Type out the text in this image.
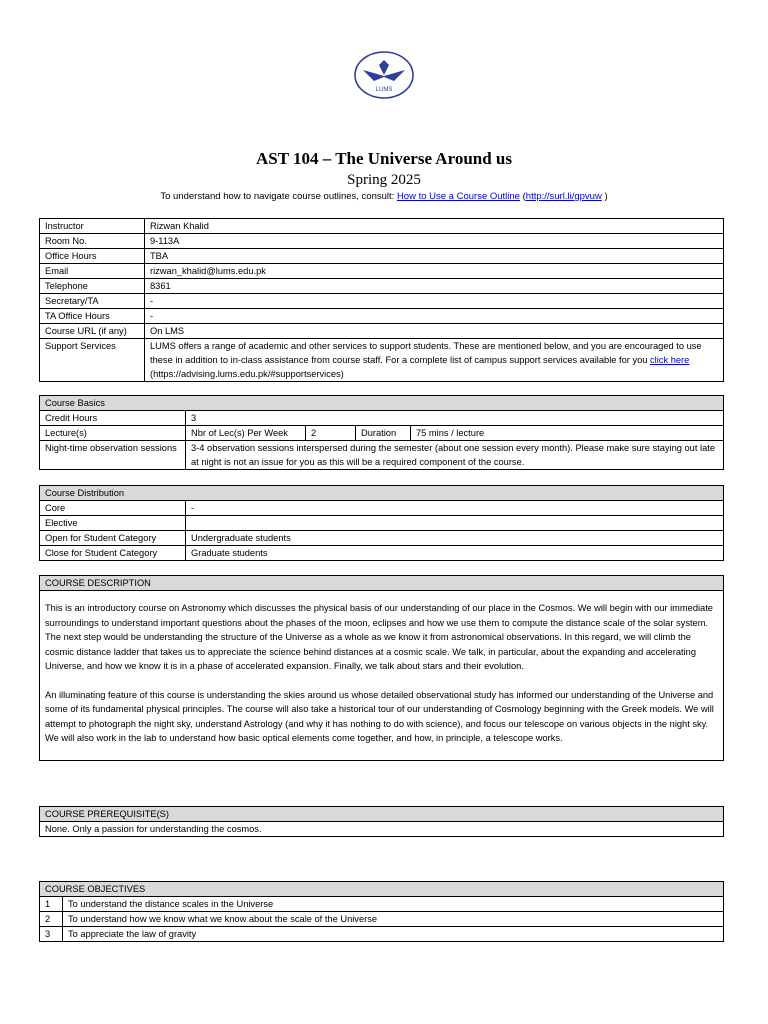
LUMS
AST 104 – The Universe Around us
Spring 2025
To understand how to navigate course outlines, consult: How to Use a Course Outline (http://surl.li/gpvuw )
Instructor	Rizwan Khalid
Room No.	9-113A
Office Hours	TBA
Email	rizwan_khalid@lums.edu.pk
Telephone	8361
Secretary/TA	-
TA Office Hours	-
Course URL (if any)	On LMS
Support Services	LUMS offers a range of academic and other services to support students. These are mentioned below, and you are encouraged to use these in addition to in-class assistance from course staff. For a complete list of campus support services available for you click here (https://advising.lums.edu.pk/#supportservices)
Course Basics				
Credit Hours	3			
Lecture(s)	Nbr of Lec(s) Per Week	2	Duration	75 mins / lecture
Night-time observation sessions	3-4 observation sessions interspersed during the semester (about one session every month). Please make sure staying out late at night is not an issue for you as this will be a required component of the course.			
Course Distribution	
Core	-
Elective	
Open for Student Category	Undergraduate students
Close for Student Category	Graduate students
COURSE DESCRIPTION

This is an introductory course on Astronomy which discusses the physical basis of our understanding of our place in the Cosmos. We will begin with our immediate surroundings to understand important questions about the phases of the moon, eclipses and how we use them to compute the distance scale of the solar system. The next step would be understanding the structure of the Universe as a whole as we know it from astronomical observations. In this regard, we will climb the cosmic distance ladder that takes us to appreciate the science behind distances at a cosmic scale. We talk, in particular, about the expanding and accelerating Universe, and how we know it is in a phase of accelerated expansion. Finally, we talk about stars and their evolution.

An illuminating feature of this course is understanding the skies around us whose detailed observational study has informed our understanding of the Universe and some of its fundamental physical principles. The course will also take a historical tour of our understanding of Cosmology beginning with the Greek models. We will attempt to photograph the night sky, understand Astrology (and why it has nothing to do with science), and focus our telescope on various objects in the night sky. We will also work in the lab to understand how basic optical elements come together, and how, in principle, a telescope works.

COURSE PREREQUISITE(S)
None. Only a passion for understanding the cosmos.
COURSE OBJECTIVES	
1	To understand the distance scales in the Universe
2	To understand how we know what we know about the scale of the Universe
3	To appreciate the law of gravity
